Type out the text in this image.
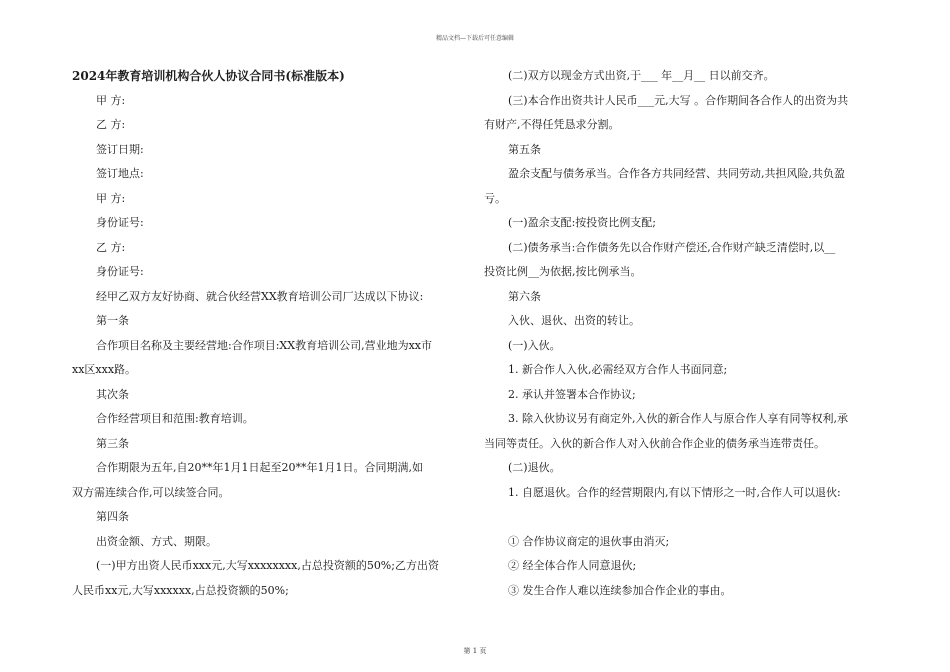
精品文档—下载后可任意编辑

2024年教育培训机构合伙人协议合同书(标准版本)

甲 方:

乙 方:

签订日期:

签订地点:

甲 方:

身份证号:

乙 方:

身份证号:

经甲乙双方友好协商、就合伙经营XX教育培训公司厂达成以下协议:

第一条

合作项目名称及主要经营地:合作项目:XX教育培训公司,营业地为xx市

xx区xxx路。

其次条

合作经营项目和范围:教育培训。

第三条

合作期限为五年,自20**年1月1日起至20**年1月1日。合同期满,如

双方需连续合作,可以续签合同。

第四条

出资金额、方式、期限。

(一)甲方出资人民币xxx元,大写xxxxxxxx,占总投资额的50%;乙方出资

人民币xx元,大写xxxxxx,占总投资额的50%;

(二)双方以现金方式出资,于___ 年__月__ 日以前交齐。

(三)本合作出资共计人民币___元,大写 。合作期间各合作人的出资为共

有财产,不得任凭恳求分割。

第五条

盈余支配与债务承当。合作各方共同经营、共同劳动,共担风险,共负盈

亏。

(一)盈余支配:按投资比例支配;

(二)债务承当:合作债务先以合作财产偿还,合作财产缺乏清偿时,以__

投资比例__为依据,按比例承当。

第六条

入伙、退伙、出资的转让。

(一)入伙。

1. 新合作人入伙,必需经双方合作人书面同意;

2. 承认并签署本合作协议;

3. 除入伙协议另有商定外,入伙的新合作人与原合作人享有同等权利,承

当同等责任。入伙的新合作人对入伙前合作企业的债务承当连带责任。

(二)退伙。

1. 自愿退伙。合作的经营期限内,有以下情形之一时,合作人可以退伙:

① 合作协议商定的退伙事由消灭;

② 经全体合作人同意退伙;

③ 发生合作人难以连续参加合作企业的事由。

第 1 页
